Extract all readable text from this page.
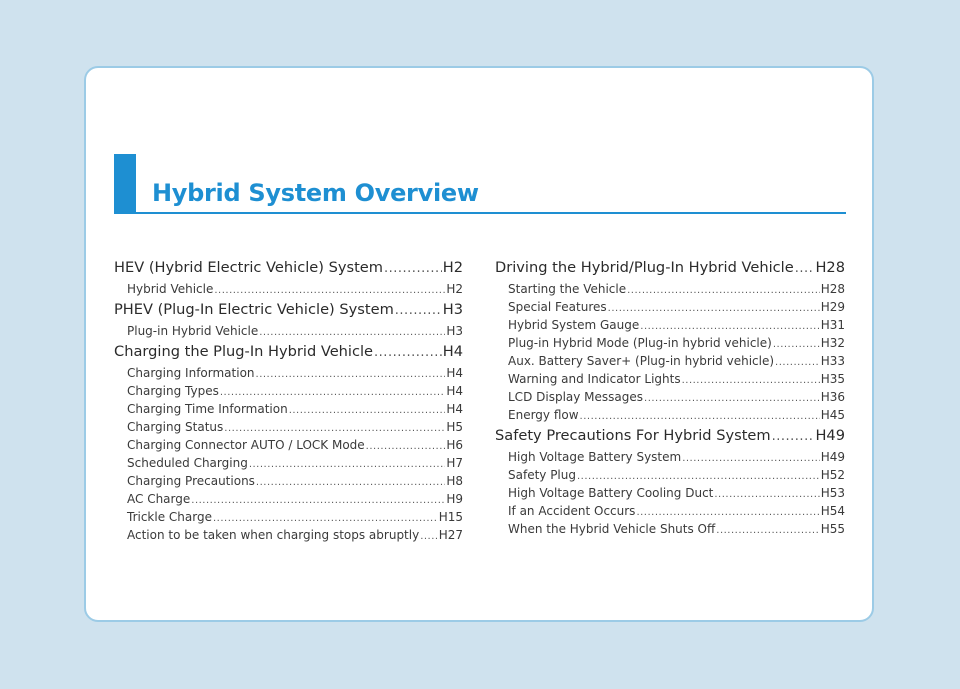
Hybrid System Overview
HEV (Hybrid Electric Vehicle) System .....	H2
Hybrid Vehicle .....	H2
PHEV (Plug-In Electric Vehicle) System .....	H3
Plug-in Hybrid Vehicle .....	H3
Charging the Plug-In Hybrid Vehicle .....	H4
Charging Information .....	H4
Charging Types .....	H4
Charging Time Information .....	H4
Charging Status .....	H5
Charging Connector AUTO / LOCK Mode .....	H6
Scheduled Charging .....	H7
Charging Precautions .....	H8
AC Charge .....	H9
Trickle Charge .....	H15
Action to be taken when charging stops abruptly ..... H27
Driving the Hybrid/Plug-In Hybrid Vehicle ..... H28
Starting the Vehicle .....	H28
Special Features .....	H29
Hybrid System Gauge .....	H31
Plug-in Hybrid Mode (Plug-in hybrid vehicle) .....	H32
Aux. Battery Saver+ (Plug-in hybrid vehicle) .....	H33
Warning and Indicator Lights .....	H35
LCD Display Messages .....	H36
Energy flow .....	H45
Safety Precautions For Hybrid System .....	H49
High Voltage Battery System .....	H49
Safety Plug .....	H52
High Voltage Battery Cooling Duct .....	H53
If an Accident Occurs .....	H54
When the Hybrid Vehicle Shuts Off .....	H55
